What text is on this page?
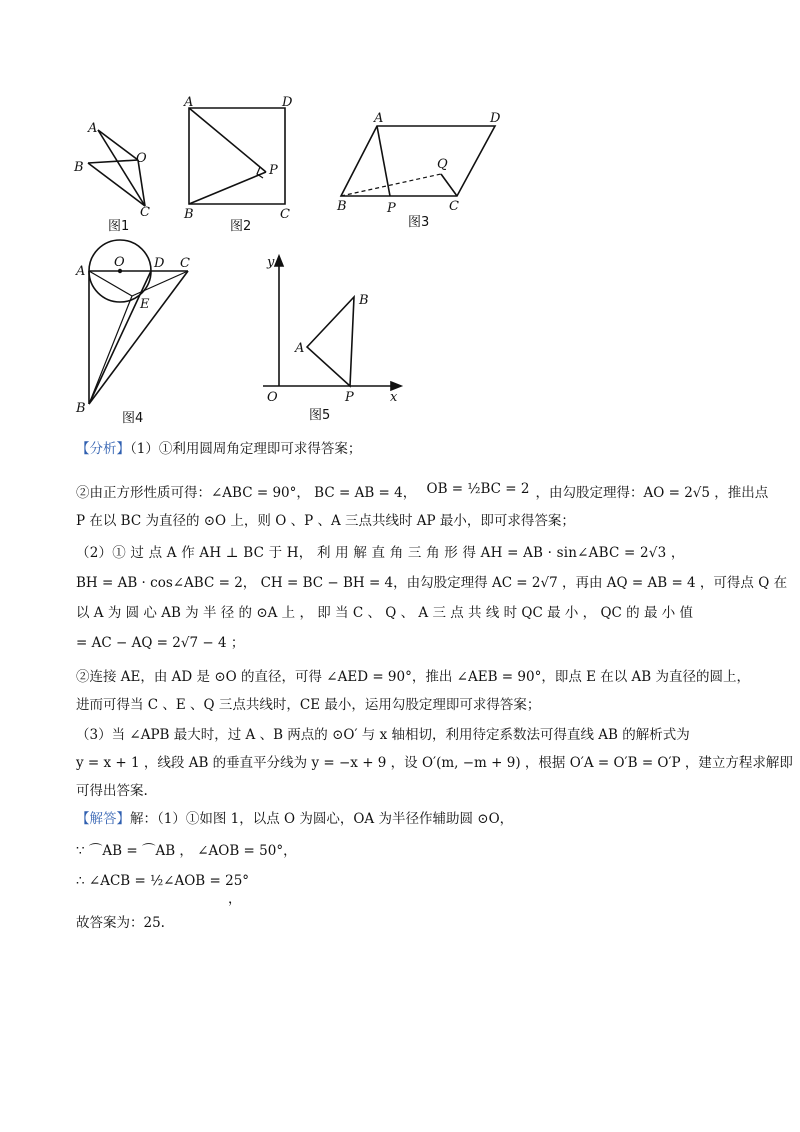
A
B
O
C
图1
A	D
B	C
P
图2
A	D
B	P	C
Q
图3
A
O D C
E
B
图4
y
B
A
O	P	x
图5
【分析】（1）①利用圆周角定理即可求得答案；
②由正方形性质可得：∠ABC = 90°， BC = AB = 4， OB = ½BC = 2 ，由勾股定理得：AO = 2√5 ，推出点
P 在以 BC 为直径的 ⊙O 上，则 O 、P 、A 三点共线时 AP 最小，即可求得答案；
（2）① 过 点 A 作 AH ⊥ BC 于 H， 利 用 解 直 角 三 角 形 得 AH = AB · sin∠ABC = 2√3 ，
BH = AB · cos∠ABC = 2， CH = BC − BH = 4，由勾股定理得 AC = 2√7 ，再由 AQ = AB = 4 ，可得点 Q 在
以 A 为 圆 心 AB 为 半 径 的 ⊙A 上 ， 即 当 C 、 Q 、 A 三 点 共 线 时 QC 最 小 ， QC 的 最 小 值
= AC − AQ = 2√7 − 4 ；
②连接 AE，由 AD 是 ⊙O 的直径，可得 ∠AED = 90°，推出 ∠AEB = 90°，即点 E 在以 AB 为直径的圆上，
进而可得当 C 、E 、Q 三点共线时，CE 最小，运用勾股定理即可求得答案；
（3）当 ∠APB 最大时，过 A 、B 两点的 ⊙O′ 与 x 轴相切，利用待定系数法可得直线 AB 的解析式为
y = x + 1 ，线段 AB 的垂直平分线为 y = −x + 9 ，设 O′(m, −m + 9) ，根据 O′A = O′B = O′P ，建立方程求解即
可得出答案.
【解答】解：（1）①如图 1，以点 O 为圆心，OA 为半径作辅助圆 ⊙O，
∵ ⌒AB = ⌒AB ， ∠AOB = 50°，
∴ ∠ACB = ½∠AOB = 25°
，
故答案为：25.
